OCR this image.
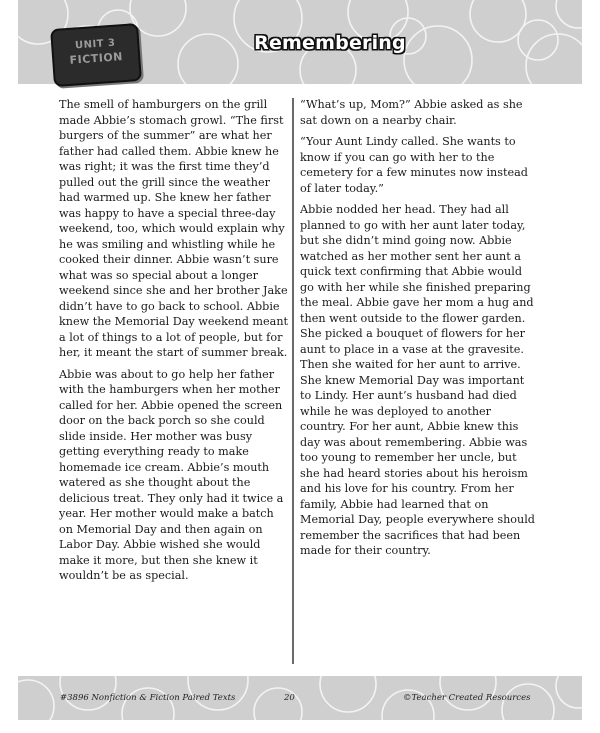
UNIT 3
FICTION
Remembering

The smell of hamburgers on the grill made Abbie’s stomach growl. “The first burgers of the summer” are what her father had called them. Abbie knew he was right; it was the first time they’d pulled out the grill since the weather had warmed up. She knew her father was happy to have a special three-day weekend, too, which would explain why he was smiling and whistling while he cooked their dinner. Abbie wasn’t sure what was so special about a longer weekend since she and her brother Jake didn’t have to go back to school. Abbie knew the Memorial Day weekend meant a lot of things to a lot of people, but for her, it meant the start of summer break.

Abbie was about to go help her father with the hamburgers when her mother called for her. Abbie opened the screen door on the back porch so she could slide inside. Her mother was busy getting everything ready to make homemade ice cream. Abbie’s mouth watered as she thought about the delicious treat. They only had it twice a year. Her mother would make a batch on Memorial Day and then again on Labor Day. Abbie wished she would make it more, but then she knew it wouldn’t be as special.

“What’s up, Mom?” Abbie asked as she sat down on a nearby chair.

“Your Aunt Lindy called. She wants to know if you can go with her to the cemetery for a few minutes now instead of later today.”

Abbie nodded her head. They had all planned to go with her aunt later today, but she didn’t mind going now. Abbie watched as her mother sent her aunt a quick text confirming that Abbie would go with her while she finished preparing the meal. Abbie gave her mom a hug and then went outside to the flower garden. She picked a bouquet of flowers for her aunt to place in a vase at the gravesite. Then she waited for her aunt to arrive. She knew Memorial Day was important to Lindy. Her aunt’s husband had died while he was deployed to another country. For her aunt, Abbie knew this day was about remembering. Abbie was too young to remember her uncle, but she had heard stories about his heroism and his love for his country. From her family, Abbie had learned that on Memorial Day, people everywhere should remember the sacrifices that had been made for their country.

#3896 Nonfiction & Fiction Paired Texts	20	©Teacher Created Resources
